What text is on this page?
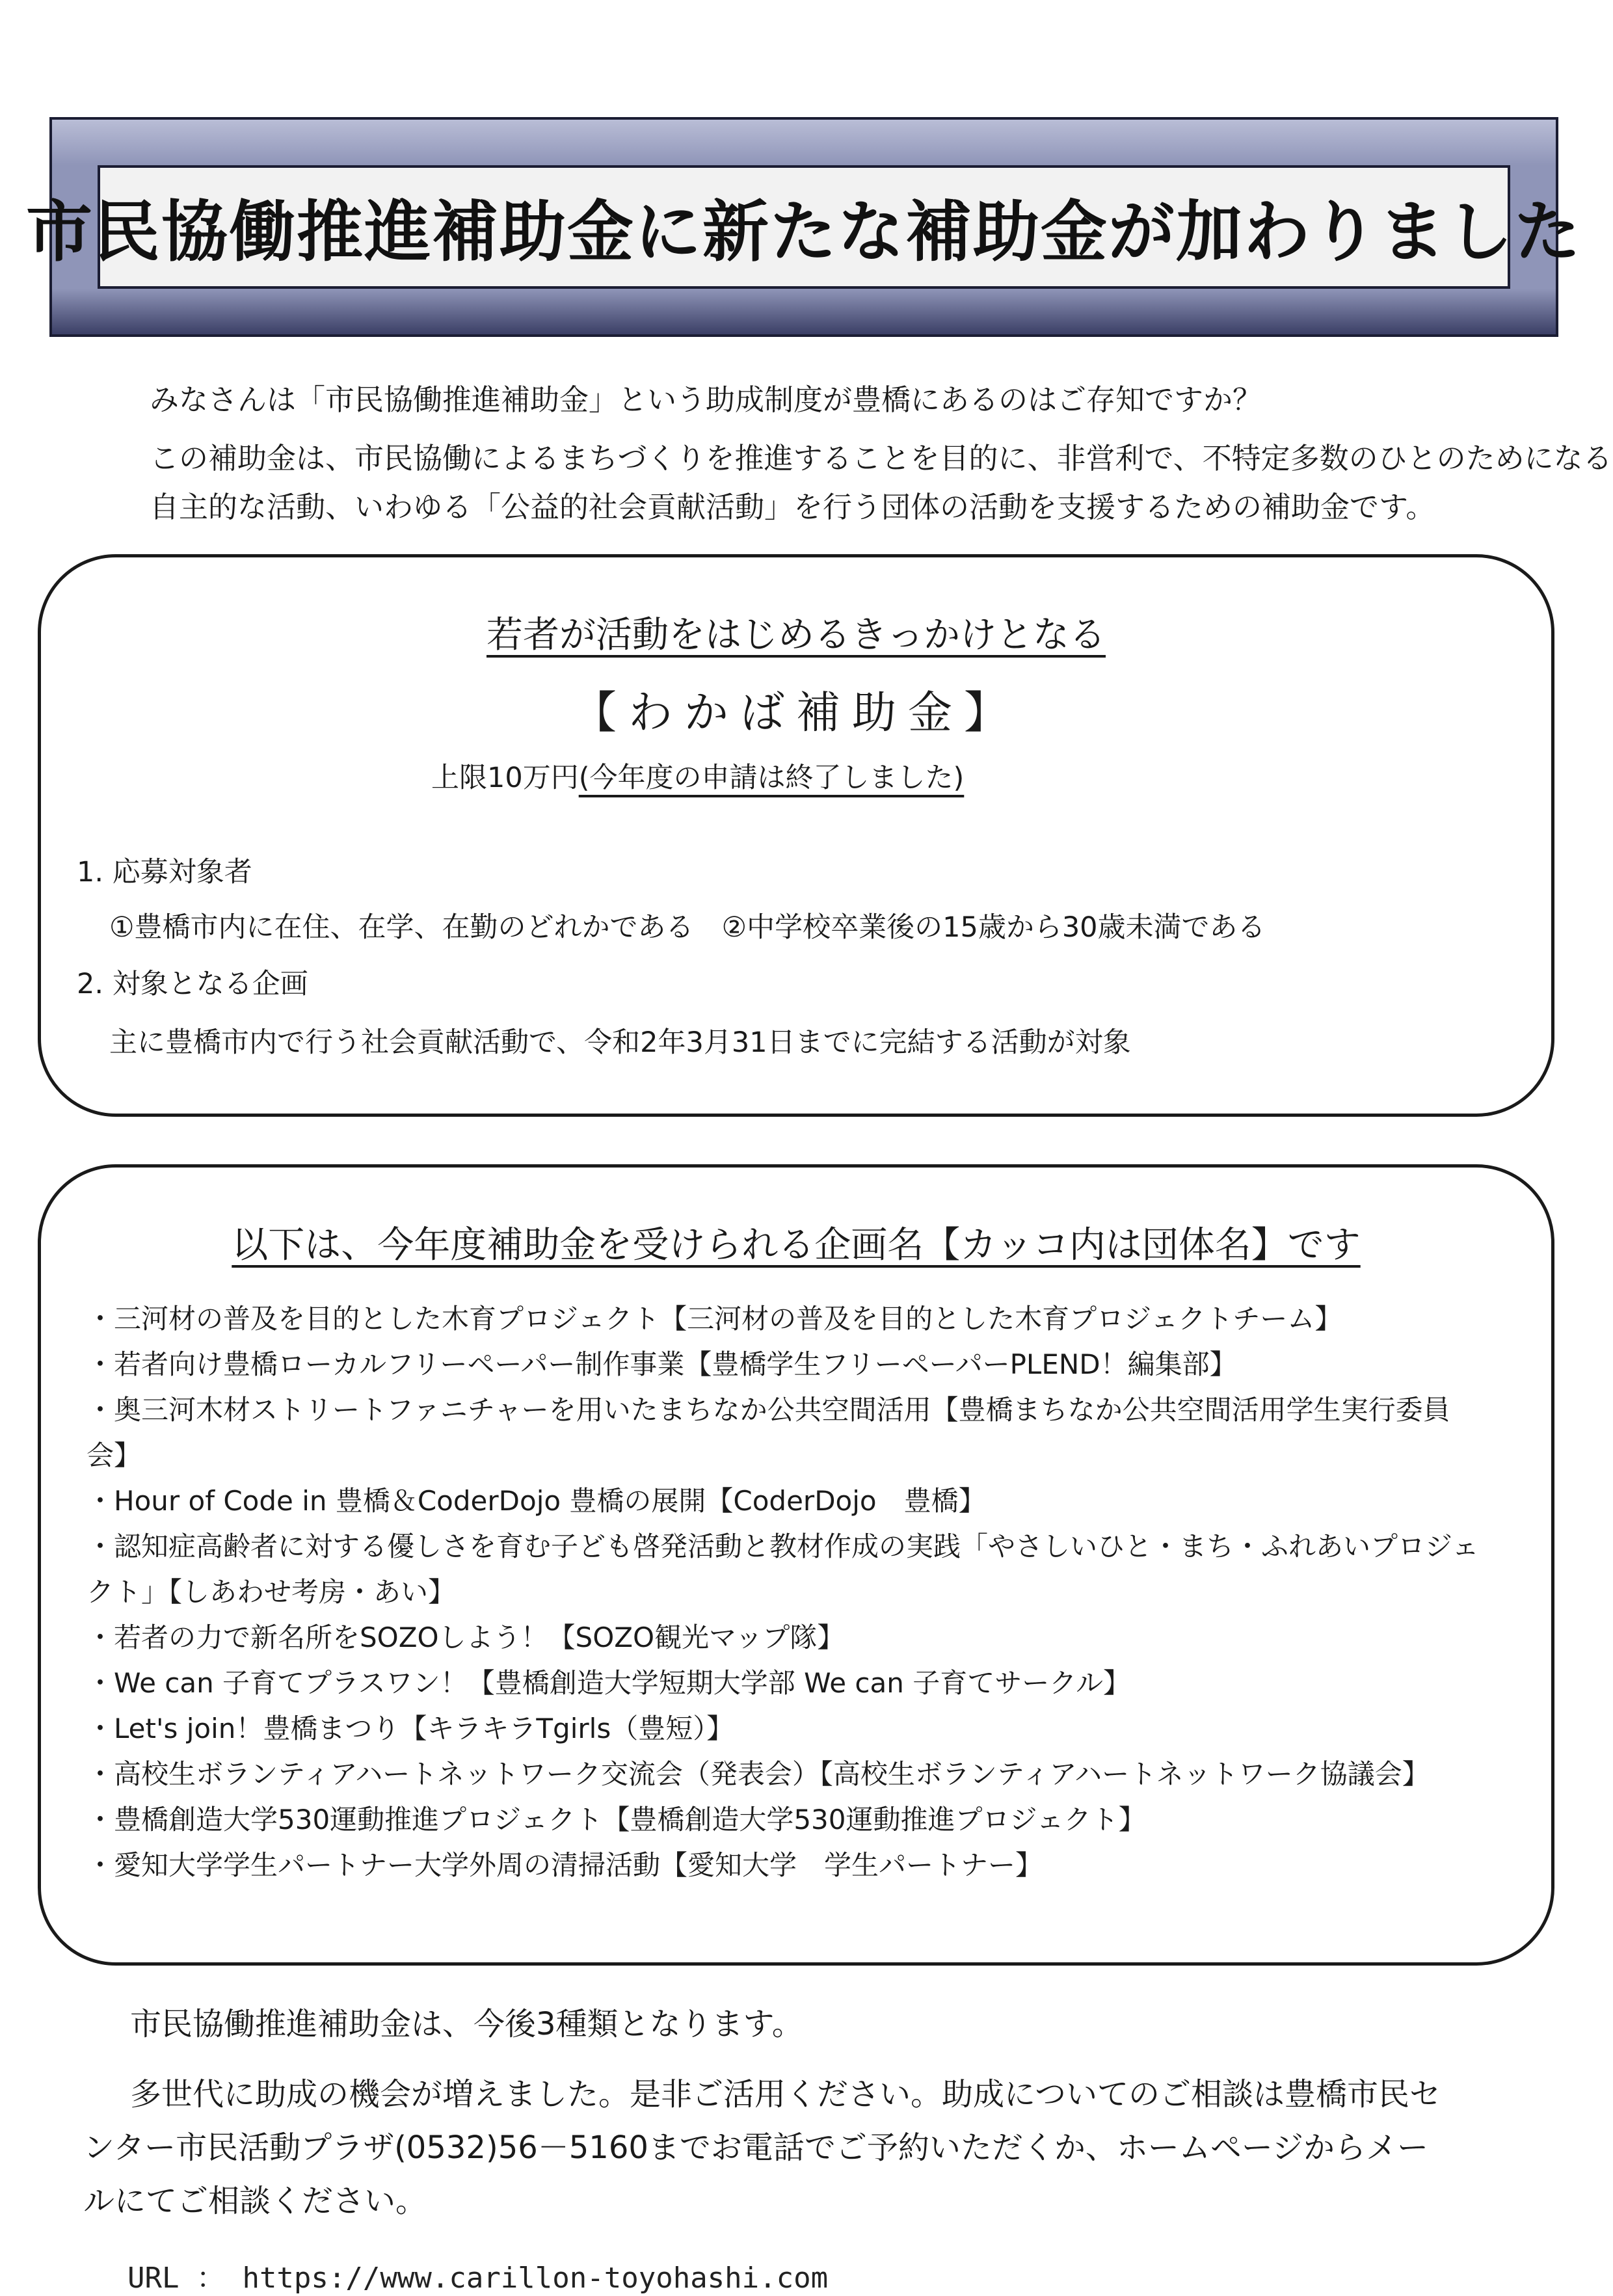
市民協働推進補助金に新たな補助金が加わりました
みなさんは「市民協働推進補助金」という助成制度が豊橋にあるのはご存知ですか？
この補助金は、市民協働によるまちづくりを推進することを目的に、非営利で、不特定多数のひとのためになる
自主的な活動、いわゆる「公益的社会貢献活動」を行う団体の活動を支援するための補助金です。
若者が活動をはじめるきっかけとなる
【わかば補助金】
上限10万円(今年度の申請は終了しました)
1. 応募対象者
①豊橋市内に在住、在学、在勤のどれかである　②中学校卒業後の15歳から30歳未満である
2. 対象となる企画
主に豊橋市内で行う社会貢献活動で、令和2年3月31日までに完結する活動が対象
以下は、今年度補助金を受けられる企画名【カッコ内は団体名】です
・三河材の普及を目的とした木育プロジェクト【三河材の普及を目的とした木育プロジェクトチーム】
・若者向け豊橋ローカルフリーペーパー制作事業【豊橋学生フリーペーパーPLEND！編集部】
・奥三河木材ストリートファニチャーを用いたまちなか公共空間活用【豊橋まちなか公共空間活用学生実行委員
会】
・Hour of Code in 豊橋＆CoderDojo 豊橋の展開【CoderDojo　豊橋】
・認知症高齢者に対する優しさを育む子ども啓発活動と教材作成の実践「やさしいひと・まち・ふれあいプロジェ
クト」【しあわせ考房・あい】
・若者の力で新名所をSOZOしよう！【SOZO観光マップ隊】
・We can 子育てプラスワン！【豊橋創造大学短期大学部 We can 子育てサークル】
・Let's join！豊橋まつり【キラキラTgirls（豊短）】
・高校生ボランティアハートネットワーク交流会（発表会）【高校生ボランティアハートネットワーク協議会】
・豊橋創造大学530運動推進プロジェクト【豊橋創造大学530運動推進プロジェクト】
・愛知大学学生パートナー大学外周の清掃活動【愛知大学　学生パートナー】
市民協働推進補助金は、今後3種類となります。
多世代に助成の機会が増えました。是非ご活用ください。助成についてのご相談は豊橋市民セ
ンター市民活動プラザ(0532)56－5160までお電話でご予約いただくか、ホームページからメー
ルにてご相談ください。
URL ： https://www.carillon-toyohashi.com
